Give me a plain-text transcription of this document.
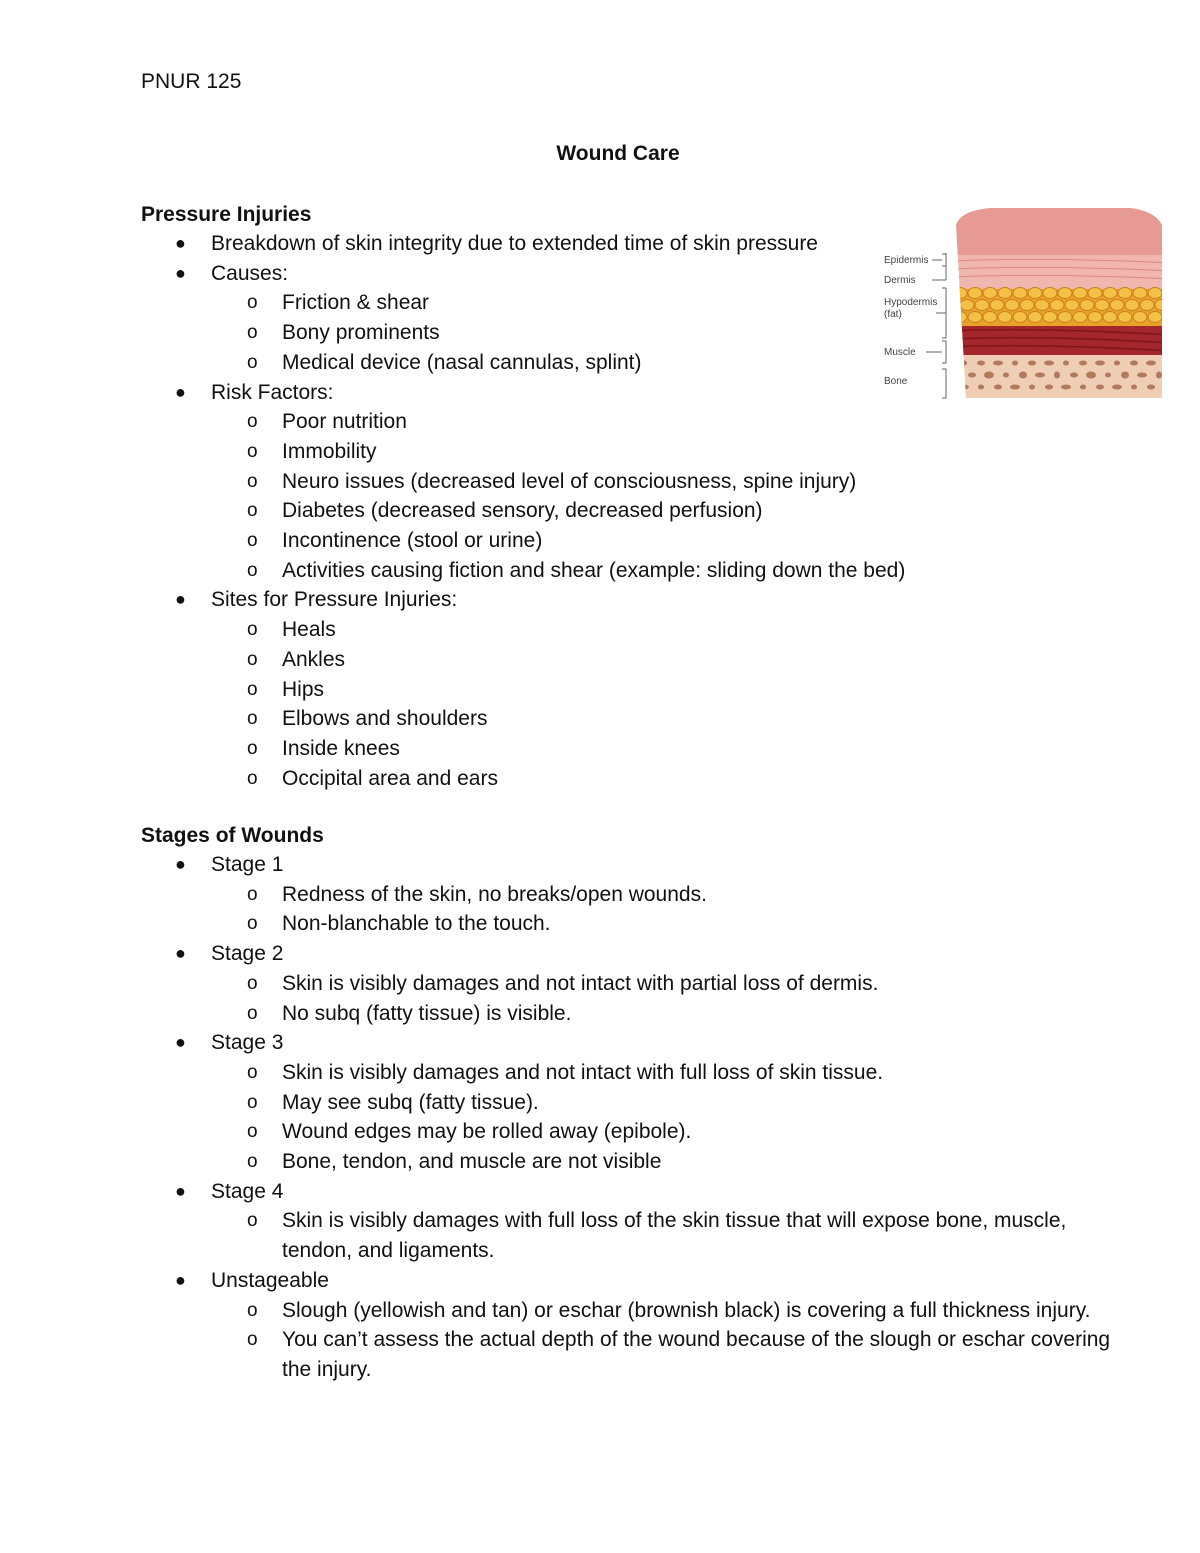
PNUR 125
Wound Care
Epidermis
Dermis
Hypodermis
(fat)
Muscle
Bone
Pressure Injuries
● Breakdown of skin integrity due to extended time of skin pressure
● Causes:
o Friction & shear
o Bony prominents
o Medical device (nasal cannulas, splint)
● Risk Factors:
o Poor nutrition
o Immobility
o Neuro issues (decreased level of consciousness, spine injury)
o Diabetes (decreased sensory, decreased perfusion)
o Incontinence (stool or urine)
o Activities causing fiction and shear (example: sliding down the bed)
● Sites for Pressure Injuries:
o Heals
o Ankles
o Hips
o Elbows and shoulders
o Inside knees
o Occipital area and ears
Stages of Wounds
● Stage 1
o Redness of the skin, no breaks/open wounds.
o Non-blanchable to the touch.
● Stage 2
o Skin is visibly damages and not intact with partial loss of dermis.
o No subq (fatty tissue) is visible.
● Stage 3
o Skin is visibly damages and not intact with full loss of skin tissue.
o May see subq (fatty tissue).
o Wound edges may be rolled away (epibole).
o Bone, tendon, and muscle are not visible
● Stage 4
o Skin is visibly damages with full loss of the skin tissue that will expose bone, muscle, tendon, and ligaments.
● Unstageable
o Slough (yellowish and tan) or eschar (brownish black) is covering a full thickness injury.
o You can’t assess the actual depth of the wound because of the slough or eschar covering the injury.
